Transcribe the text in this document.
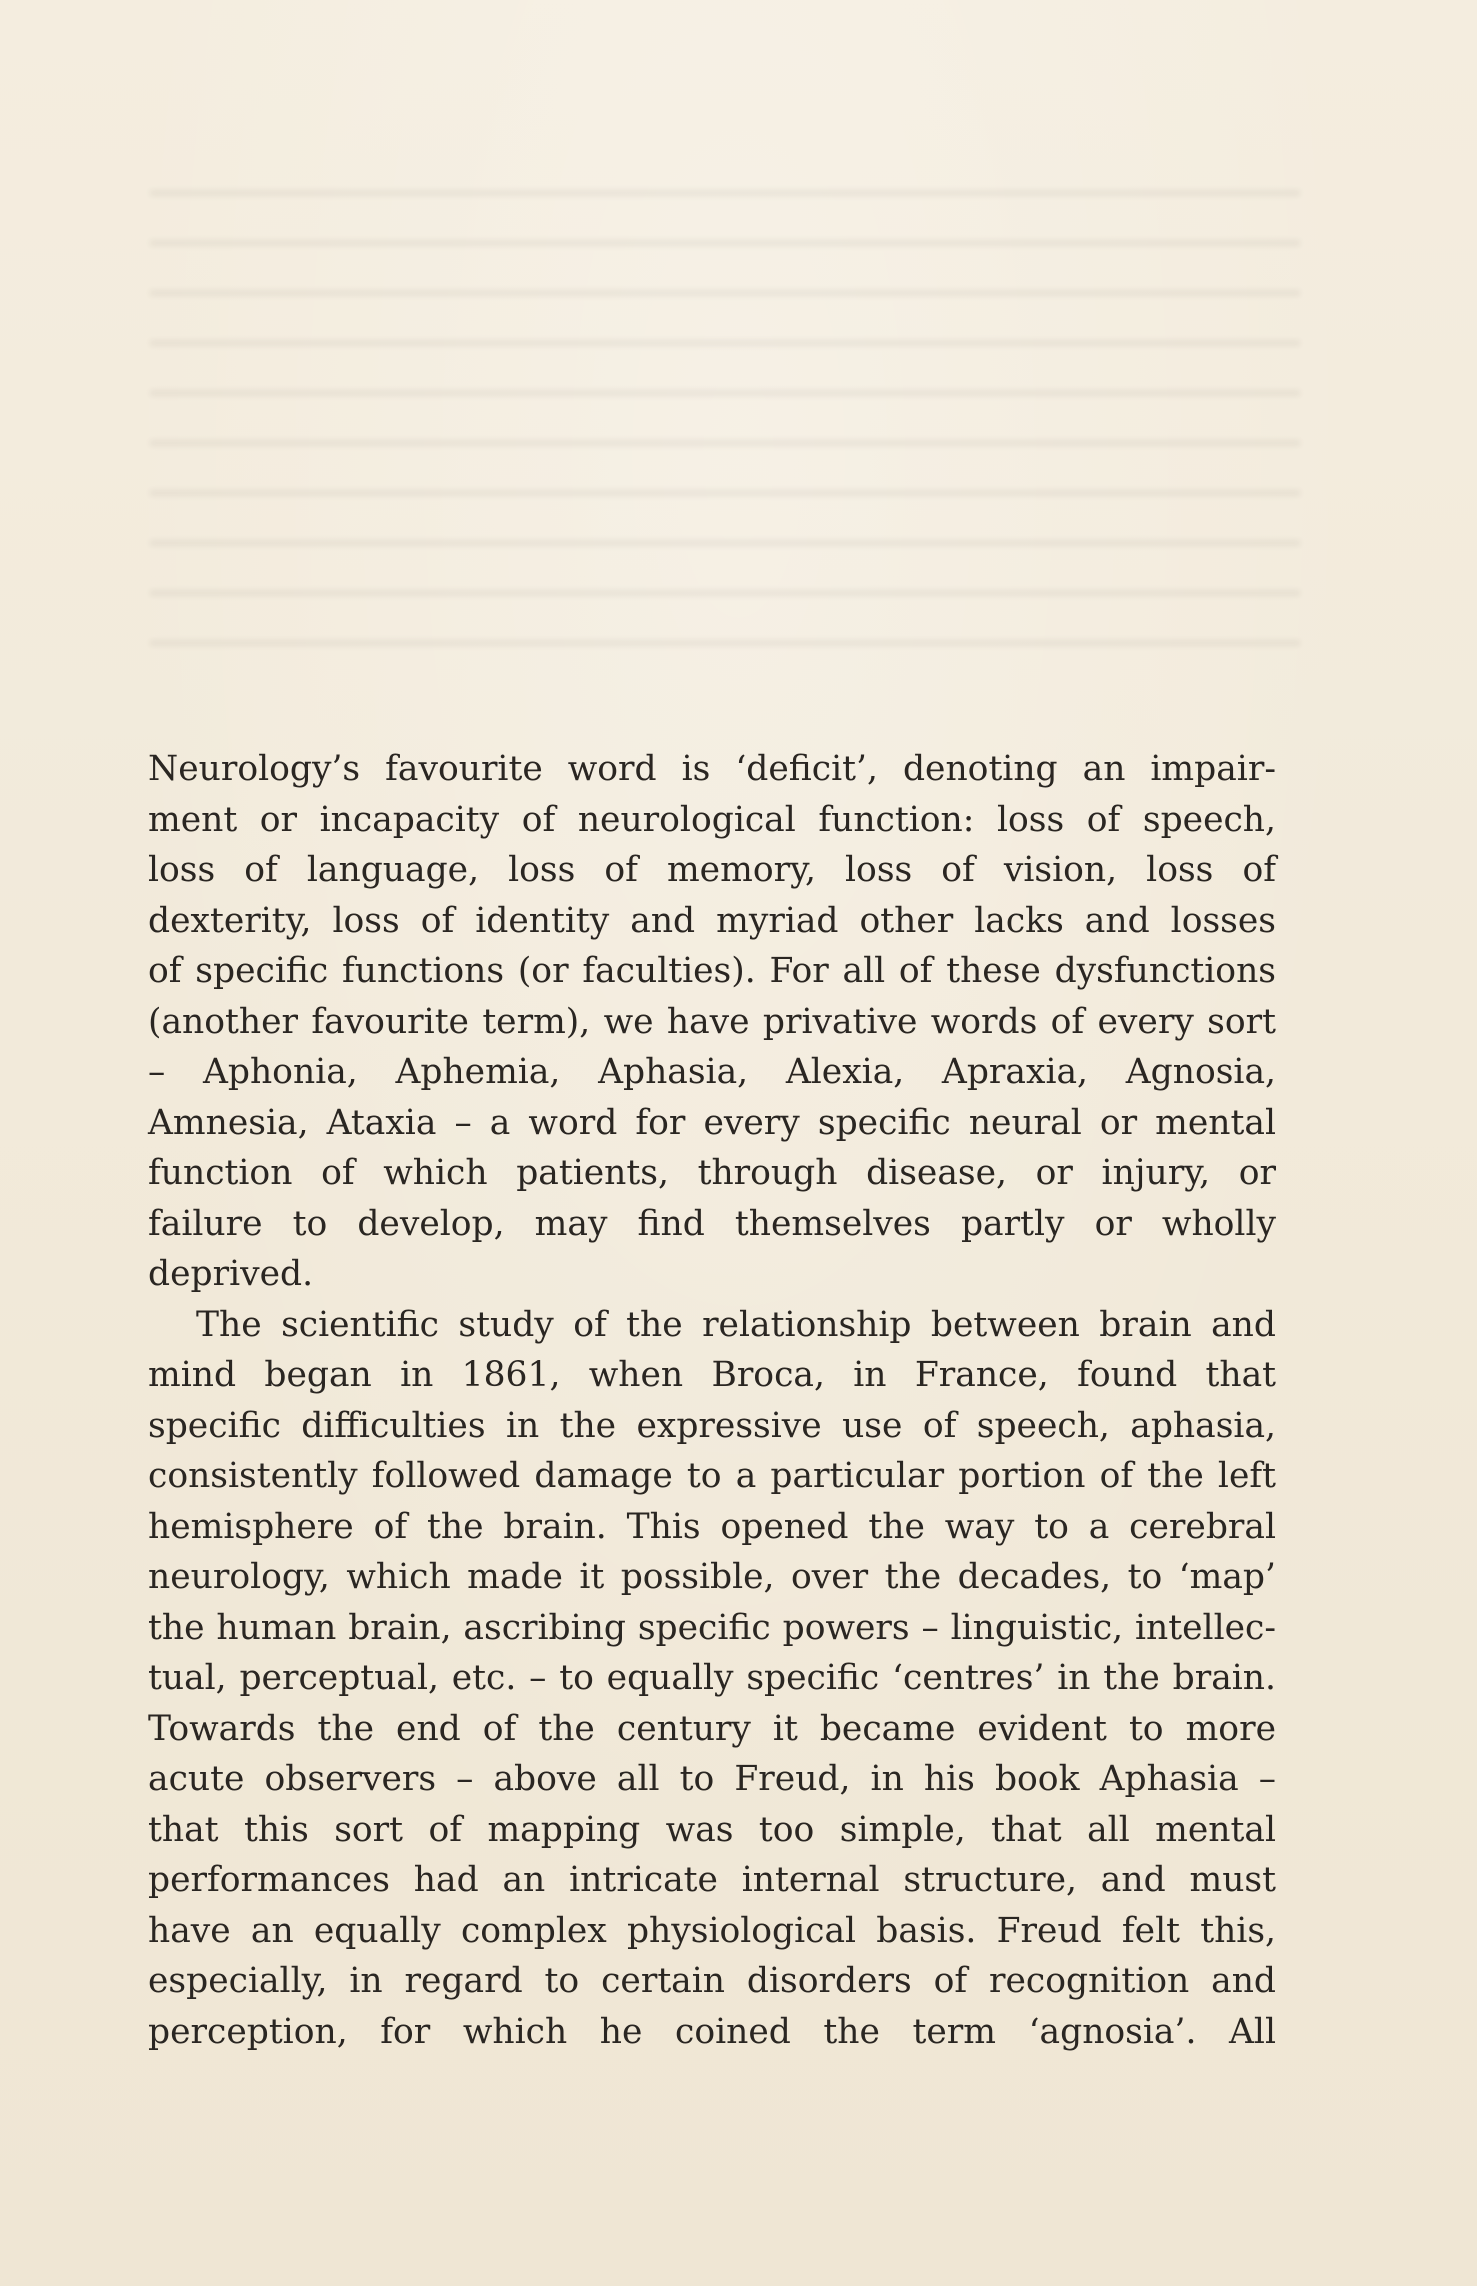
Neurology’s favourite word is ‘deficit’, denoting an impair-
ment or incapacity of neurological function: loss of speech,
loss of language, loss of memory, loss of vision, loss of
dexterity, loss of identity and myriad other lacks and losses
of specific functions (or faculties). For all of these dysfunctions
(another favourite term), we have privative words of every sort
– Aphonia, Aphemia, Aphasia, Alexia, Apraxia, Agnosia,
Amnesia, Ataxia – a word for every specific neural or mental
function of which patients, through disease, or injury, or
failure to develop, may find themselves partly or wholly
deprived.
The scientific study of the relationship between brain and
mind began in 1861, when Broca, in France, found that
specific difficulties in the expressive use of speech, aphasia,
consistently followed damage to a particular portion of the left
hemisphere of the brain. This opened the way to a cerebral
neurology, which made it possible, over the decades, to ‘map’
the human brain, ascribing specific powers – linguistic, intellec-
tual, perceptual, etc. – to equally specific ‘centres’ in the brain.
Towards the end of the century it became evident to more
acute observers – above all to Freud, in his book Aphasia –
that this sort of mapping was too simple, that all mental
performances had an intricate internal structure, and must
have an equally complex physiological basis. Freud felt this,
especially, in regard to certain disorders of recognition and
perception, for which he coined the term ‘agnosia’. All
